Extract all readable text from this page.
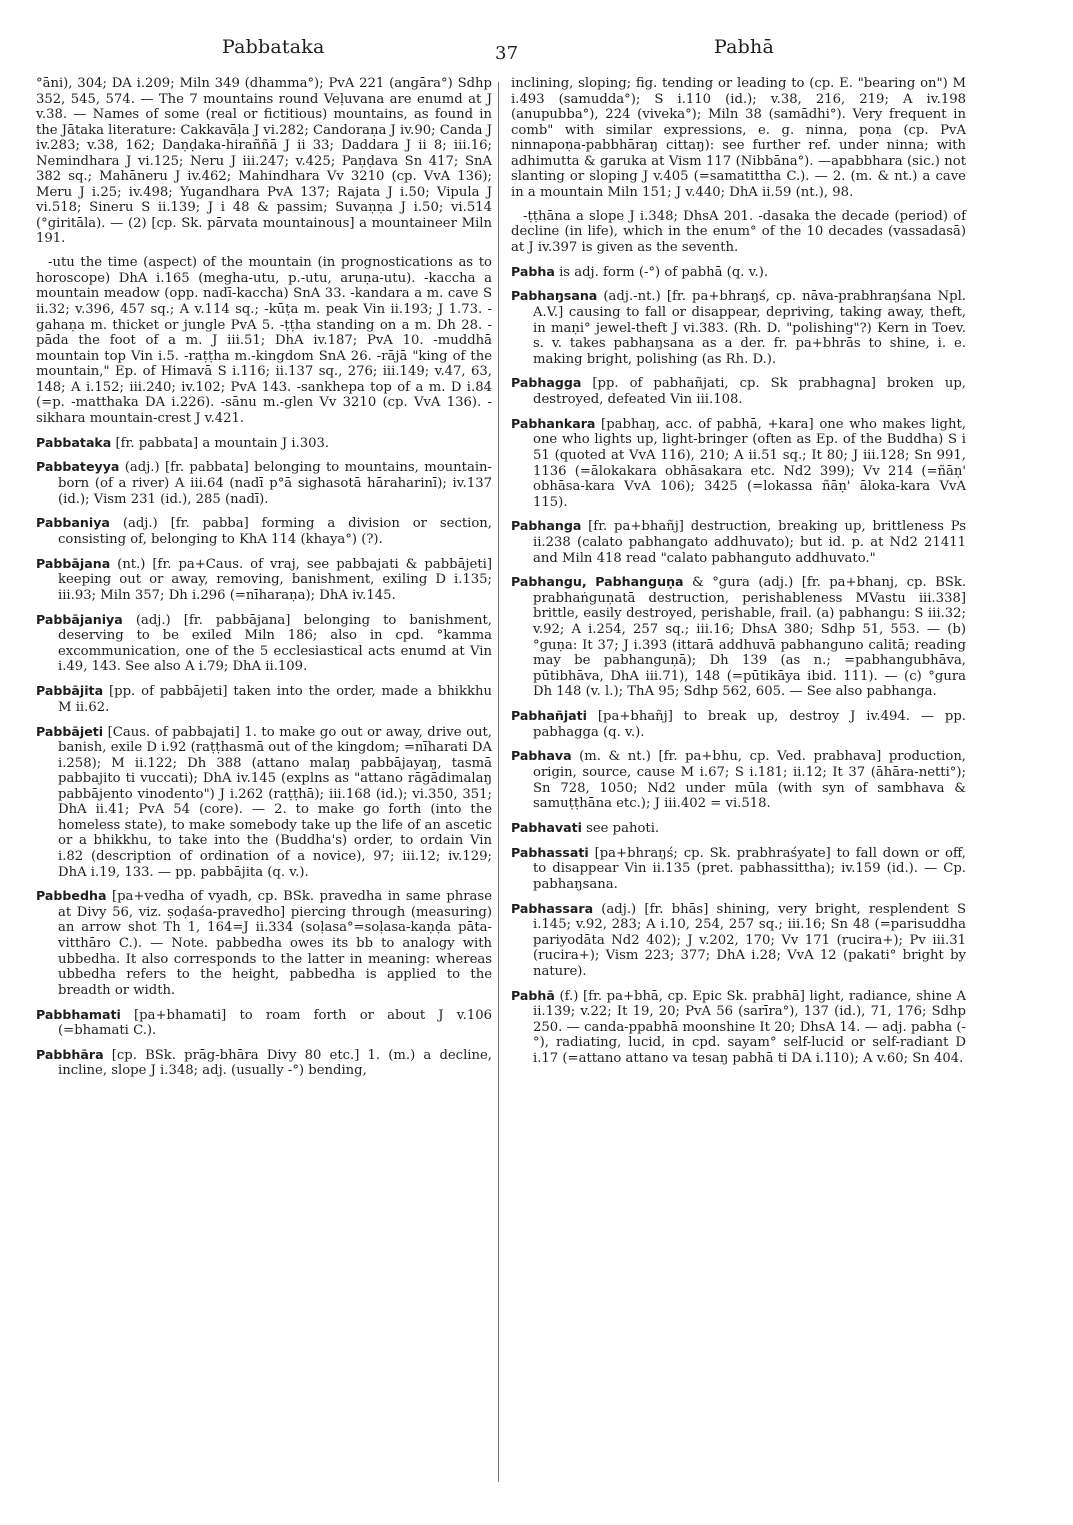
Pabbataka	37	Pabhā

°āni), 304; DA i.209; Miln 349 (dhamma°); PvA 221 (angāra°) Sdhp 352, 545, 574. — The 7 mountains round Veḷuvana are enumd at J v.38. — Names of some (real or fictitious) mountains, as found in the Jātaka literature: Cakkavāḷa J vi.282; Candoraṇa J iv.90; Canda J iv.283; v.38, 162; Daṇḍaka-hiraññā J ii 33; Daddara J ii 8; iii.16; Nemindhara J vi.125; Neru J iii.247; v.425; Paṇḍava Sn 417; SnA 382 sq.; Mahāneru J iv.462; Mahindhara Vv 3210 (cp. VvA 136); Meru J i.25; iv.498; Yugandhara PvA 137; Rajata J i.50; Vipula J vi.518; Sineru S ii.139; J i 48 & passim; Suvaṇṇa J i.50; vi.514 (°giritāla). — (2) [cp. Sk. pārvata mountainous] a mountaineer Miln 191.

-utu the time (aspect) of the mountain (in prognostications as to horoscope) DhA i.165 (megha-utu, p.-utu, aruṇa-utu). -kaccha a mountain meadow (opp. nadī-kaccha) SnA 33. -kandara a m. cave S ii.32; v.396, 457 sq.; A v.114 sq.; -kūṭa m. peak Vin ii.193; J 1.73. -gahaṇa m. thicket or jungle PvA 5. -ṭṭha standing on a m. Dh 28. -pāda the foot of a m. J iii.51; DhA iv.187; PvA 10. -muddhā mountain top Vin i.5. -raṭṭha m.-kingdom SnA 26. -rājā "king of the mountain," Ep. of Himavā S i.116; ii.137 sq., 276; iii.149; v.47, 63, 148; A i.152; iii.240; iv.102; PvA 143. -sankhepa top of a m. D i.84 (=p. -matthaka DA i.226). -sānu m.-glen Vv 3210 (cp. VvA 136). -sikhara mountain-crest J v.421.

Pabbataka [fr. pabbata] a mountain J i.303.

Pabbateyya (adj.) [fr. pabbata] belonging to mountains, mountain-born (of a river) A iii.64 (nadī p°ā sighasotā hāraharinī); iv.137 (id.); Vism 231 (id.), 285 (nadī).

Pabbaniya (adj.) [fr. pabba] forming a division or section, consisting of, belonging to KhA 114 (khaya°) (?).

Pabbājana (nt.) [fr. pa+Caus. of vraj, see pabbajati & pabbājeti] keeping out or away, removing, banishment, exiling D i.135; iii.93; Miln 357; Dh i.296 (=nīharaṇa); DhA iv.145.

Pabbājaniya (adj.) [fr. pabbājana] belonging to banishment, deserving to be exiled Miln 186; also in cpd. °kamma excommunication, one of the 5 ecclesiastical acts enumd at Vin i.49, 143. See also A i.79; DhA ii.109.

Pabbājita [pp. of pabbājeti] taken into the order, made a bhikkhu M ii.62.

Pabbājeti [Caus. of pabbajati] 1. to make go out or away, drive out, banish, exile D i.92 (raṭṭhasmā out of the kingdom; =nīharati DA i.258); M ii.122; Dh 388 (attano malaŋ pabbājayaŋ, tasmā pabbajito ti vuccati); DhA iv.145 (explns as "attano rāgādimalaŋ pabbājento vinodento") J i.262 (raṭṭhā); iii.168 (id.); vi.350, 351; DhA ii.41; PvA 54 (core). — 2. to make go forth (into the homeless state), to make somebody take up the life of an ascetic or a bhikkhu, to take into the (Buddha's) order, to ordain Vin i.82 (description of ordination of a novice), 97; iii.12; iv.129; DhA i.19, 133. — pp. pabbājita (q. v.).

Pabbedha [pa+vedha of vyadh, cp. BSk. pravedha in same phrase at Divy 56, viz. ṣoḍaśa-pravedho] piercing through (measuring) an arrow shot Th 1, 164=J ii.334 (soḷasa°=soḷasa-kaṇḍa pāta-vitthāro C.). — Note. pabbedha owes its bb to analogy with ubbedha. It also corresponds to the latter in meaning: whereas ubbedha refers to the height, pabbedha is applied to the breadth or width.

Pabbhamati [pa+bhamati] to roam forth or about J v.106 (=bhamati C.).

Pabbhāra [cp. BSk. prāg-bhāra Divy 80 etc.] 1. (m.) a decline, incline, slope J i.348; adj. (usually -°) bending,

inclining, sloping; fig. tending or leading to (cp. E. "bearing on") M i.493 (samudda°); S i.110 (id.); v.38, 216, 219; A iv.198 (anupubba°), 224 (viveka°); Miln 38 (samādhi°). Very frequent in comb" with similar expressions, e. g. ninna, poṇa (cp. PvA ninnapoṇa-pabbhāraŋ cittaŋ): see further ref. under ninna; with adhimutta & garuka at Vism 117 (Nibbāna°). —apabbhara (sic.) not slanting or sloping J v.405 (=samatittha C.). — 2. (m. & nt.) a cave in a mountain Miln 151; J v.440; DhA ii.59 (nt.), 98.

-ṭṭhāna a slope J i.348; DhsA 201. -dasaka the decade (period) of decline (in life), which in the enum° of the 10 decades (vassadasā) at J iv.397 is given as the seventh.

Pabha is adj. form (-°) of pabhā (q. v.).

Pabhaŋsana (adj.-nt.) [fr. pa+bhraŋś, cp. nāva-prabhraŋśana Npl. A.V.] causing to fall or disappear, depriving, taking away, theft, in maṇi° jewel-theft J vi.383. (Rh. D. "polishing"?) Kern in Toev. s. v. takes pabhaŋsana as a der. fr. pa+bhrās to shine, i. e. making bright, polishing (as Rh. D.).

Pabhagga [pp. of pabhañjati, cp. Sk prabhagna] broken up, destroyed, defeated Vin iii.108.

Pabhankara [pabhaŋ, acc. of pabhā, +kara] one who makes light, one who lights up, light-bringer (often as Ep. of the Buddha) S i 51 (quoted at VvA 116), 210; A ii.51 sq.; It 80; J iii.128; Sn 991, 1136 (=ālokakara obhāsakara etc. Nd2 399); Vv 214 (=ñāṇ' obhāsa-kara VvA 106); 3425 (=lokassa ñāṇ' āloka-kara VvA 115).

Pabhanga [fr. pa+bhañj] destruction, breaking up, brittleness Ps ii.238 (calato pabhangato addhuvato); but id. p. at Nd2 21411 and Miln 418 read "calato pabhanguto addhuvato."

Pabhangu, Pabhanguṇa & °gura (adj.) [fr. pa+bhanj, cp. BSk. prabhaṅguṇatā destruction, perishableness MVastu iii.338] brittle, easily destroyed, perishable, frail. (a) pabhangu: S iii.32; v.92; A i.254, 257 sq.; iii.16; DhsA 380; Sdhp 51, 553. — (b) °guṇa: It 37; J i.393 (ittarā addhuvā pabhanguno calitā; reading may be pabhanguṇā); Dh 139 (as n.; =pabhangubhāva, pūtibhāva, DhA iii.71), 148 (=pūtikāya ibid. 111). — (c) °gura Dh 148 (v. l.); ThA 95; Sdhp 562, 605. — See also pabhanga.

Pabhañjati [pa+bhañj] to break up, destroy J iv.494. — pp. pabhagga (q. v.).

Pabhava (m. & nt.) [fr. pa+bhu, cp. Ved. prabhava] production, origin, source, cause M i.67; S i.181; ii.12; It 37 (āhāra-netti°); Sn 728, 1050; Nd2 under mūla (with syn of sambhava & samuṭṭhāna etc.); J iii.402 = vi.518.

Pabhavati see pahoti.

Pabhassati [pa+bhraŋś; cp. Sk. prabhraśyate] to fall down or off, to disappear Vin ii.135 (pret. pabhassittha); iv.159 (id.). — Cp. pabhaŋsana.

Pabhassara (adj.) [fr. bhās] shining, very bright, resplendent S i.145; v.92, 283; A i.10, 254, 257 sq.; iii.16; Sn 48 (=parisuddha pariyodāta Nd2 402); J v.202, 170; Vv 171 (rucira+); Pv iii.31 (rucira+); Vism 223; 377; DhA i.28; VvA 12 (pakati° bright by nature).

Pabhā (f.) [fr. pa+bhā, cp. Epic Sk. prabhā] light, radiance, shine A ii.139; v.22; It 19, 20; PvA 56 (sarīra°), 137 (id.), 71, 176; Sdhp 250. — canda-ppabhā moonshine It 20; DhsA 14. — adj. pabha (-°), radiating, lucid, in cpd. sayam° self-lucid or self-radiant D i.17 (=attano attano va tesaŋ pabhā ti DA i.110); A v.60; Sn 404.
